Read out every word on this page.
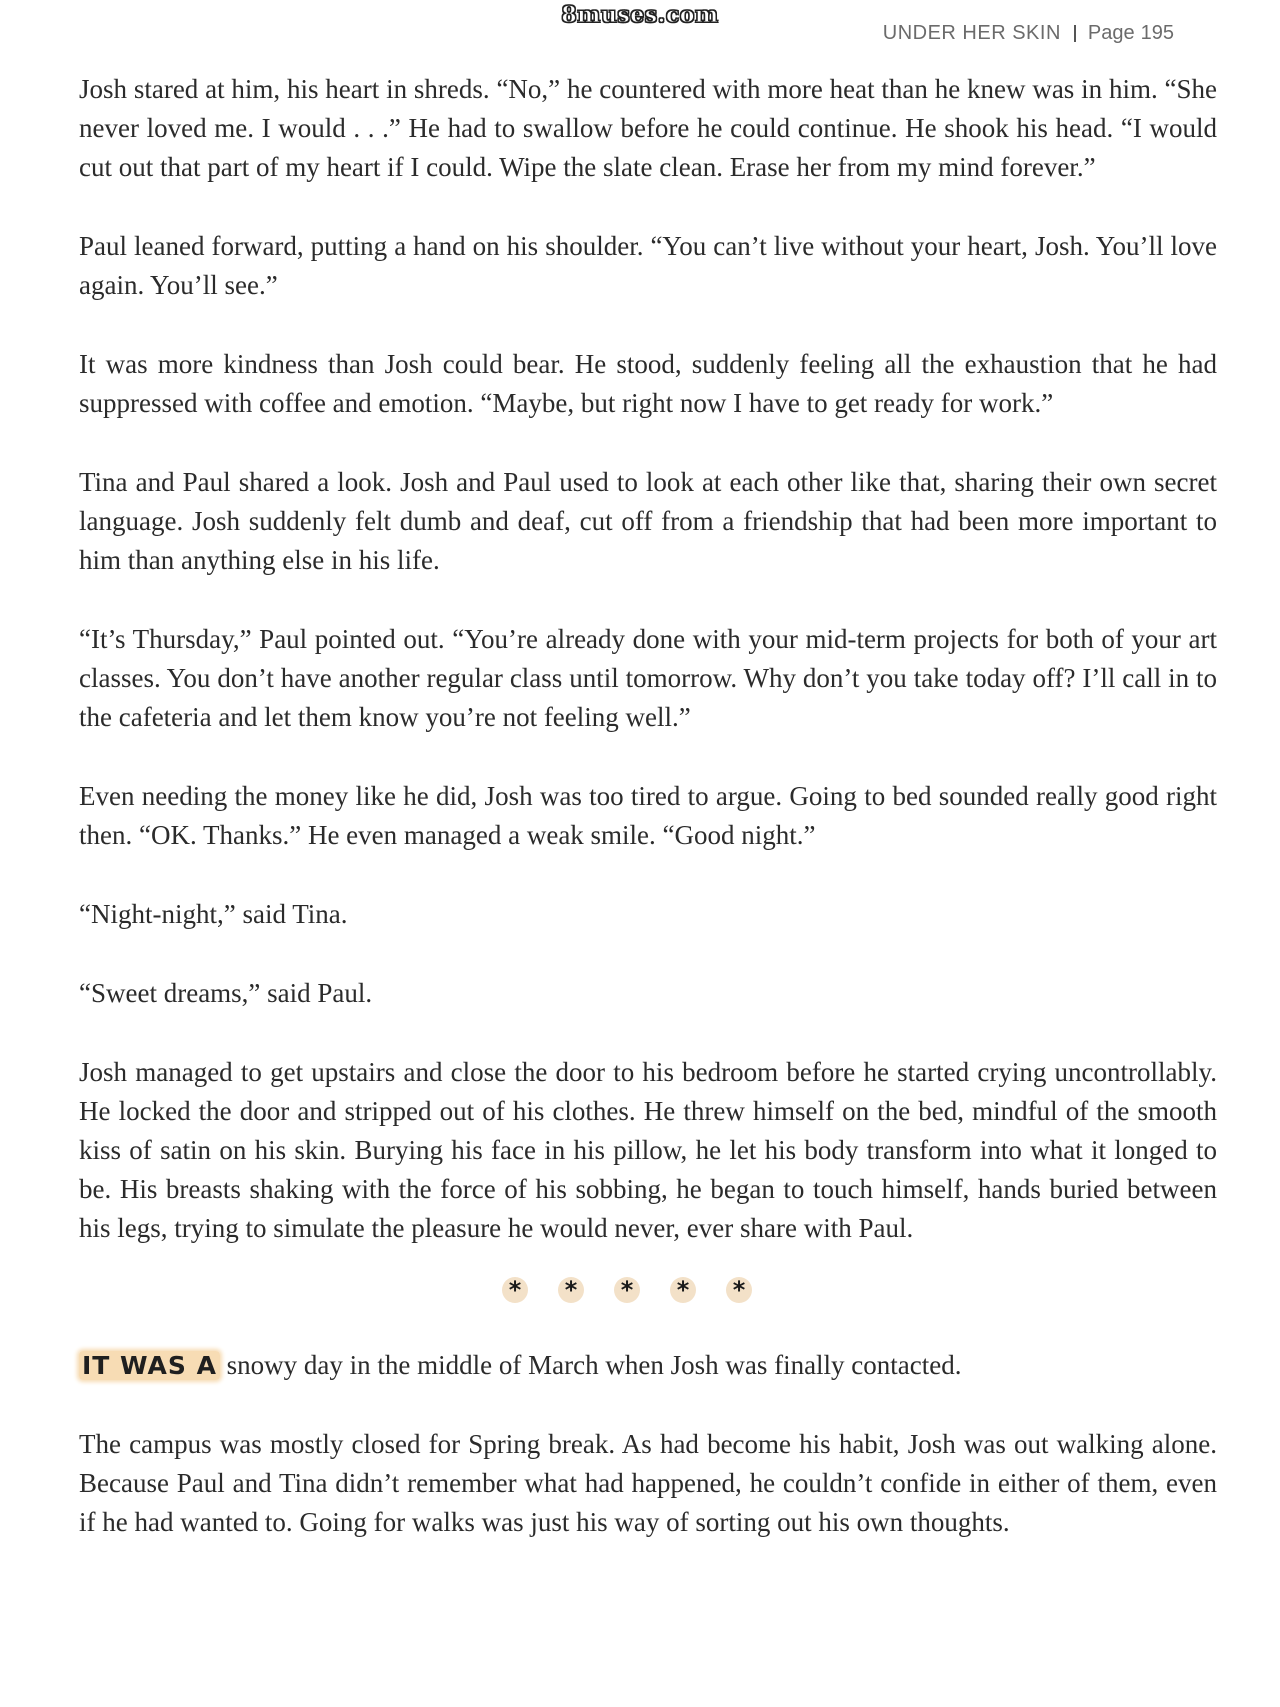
8muses.com
UNDER HER SKIN Page 195

Josh stared at him, his heart in shreds. “No,” he countered with more heat than he knew was in him. “She never loved me. I would . . .” He had to swallow before he could continue. He shook his head. “I would cut out that part of my heart if I could. Wipe the slate clean. Erase her from my mind forever.”

Paul leaned forward, putting a hand on his shoulder. “You can’t live without your heart, Josh. You’ll love again. You’ll see.”

It was more kindness than Josh could bear. He stood, suddenly feeling all the exhaustion that he had suppressed with coffee and emotion. “Maybe, but right now I have to get ready for work.”

Tina and Paul shared a look. Josh and Paul used to look at each other like that, sharing their own secret language. Josh suddenly felt dumb and deaf, cut off from a friendship that had been more important to him than anything else in his life.

“It’s Thursday,” Paul pointed out. “You’re already done with your mid-term projects for both of your art classes. You don’t have another regular class until tomorrow. Why don’t you take today off? I’ll call in to the cafeteria and let them know you’re not feeling well.”

Even needing the money like he did, Josh was too tired to argue. Going to bed sounded really good right then. “OK. Thanks.” He even managed a weak smile. “Good night.”

“Night-night,” said Tina.

“Sweet dreams,” said Paul.

Josh managed to get upstairs and close the door to his bedroom before he started crying uncontrollably. He locked the door and stripped out of his clothes. He threw himself on the bed, mindful of the smooth kiss of satin on his skin. Burying his face in his pillow, he let his body transform into what it longed to be. His breasts shaking with the force of his sobbing, he began to touch himself, hands buried between his legs, trying to simulate the pleasure he would never, ever share with Paul.

* * * * *

IT WAS A snowy day in the middle of March when Josh was finally contacted.

The campus was mostly closed for Spring break. As had become his habit, Josh was out walking alone. Because Paul and Tina didn’t remember what had happened, he couldn’t confide in either of them, even if he had wanted to. Going for walks was just his way of sorting out his own thoughts.
